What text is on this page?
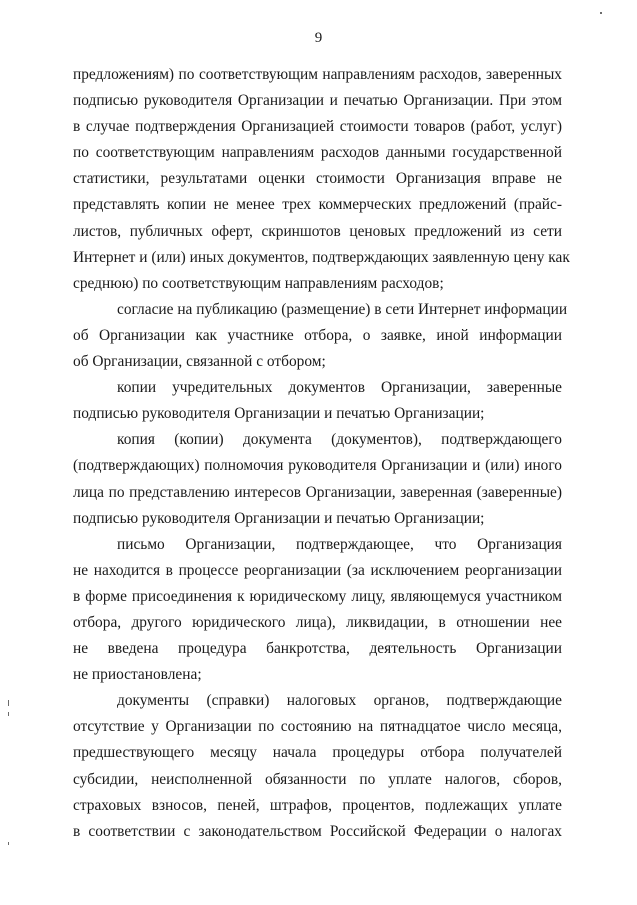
9
предложениям) по соответствующим направлениям расходов, заверенных
подписью руководителя Организации и печатью Организации. При этом
в случае подтверждения Организацией стоимости товаров (работ, услуг)
по соответствующим направлениям расходов данными государственной
статистики, результатами оценки стоимости Организация вправе не
представлять копии не менее трех коммерческих предложений (прайс-
листов, публичных оферт, скриншотов ценовых предложений из сети
Интернет и (или) иных документов, подтверждающих заявленную цену как
среднюю) по соответствующим направлениям расходов;
согласие на публикацию (размещение) в сети Интернет информации
об Организации как участнике отбора, о заявке, иной информации
об Организации, связанной с отбором;
копии учредительных документов Организации, заверенные
подписью руководителя Организации и печатью Организации;
копия (копии) документа (документов), подтверждающего
(подтверждающих) полномочия руководителя Организации и (или) иного
лица по представлению интересов Организации, заверенная (заверенные)
подписью руководителя Организации и печатью Организации;
письмо Организации, подтверждающее, что Организация
не находится в процессе реорганизации (за исключением реорганизации
в форме присоединения к юридическому лицу, являющемуся участником
отбора, другого юридического лица), ликвидации, в отношении нее
не введена процедура банкротства, деятельность Организации
не приостановлена;
документы (справки) налоговых органов, подтверждающие
отсутствие у Организации по состоянию на пятнадцатое число месяца,
предшествующего месяцу начала процедуры отбора получателей
субсидии, неисполненной обязанности по уплате налогов, сборов,
страховых взносов, пеней, штрафов, процентов, подлежащих уплате
в соответствии с законодательством Российской Федерации о налогах
